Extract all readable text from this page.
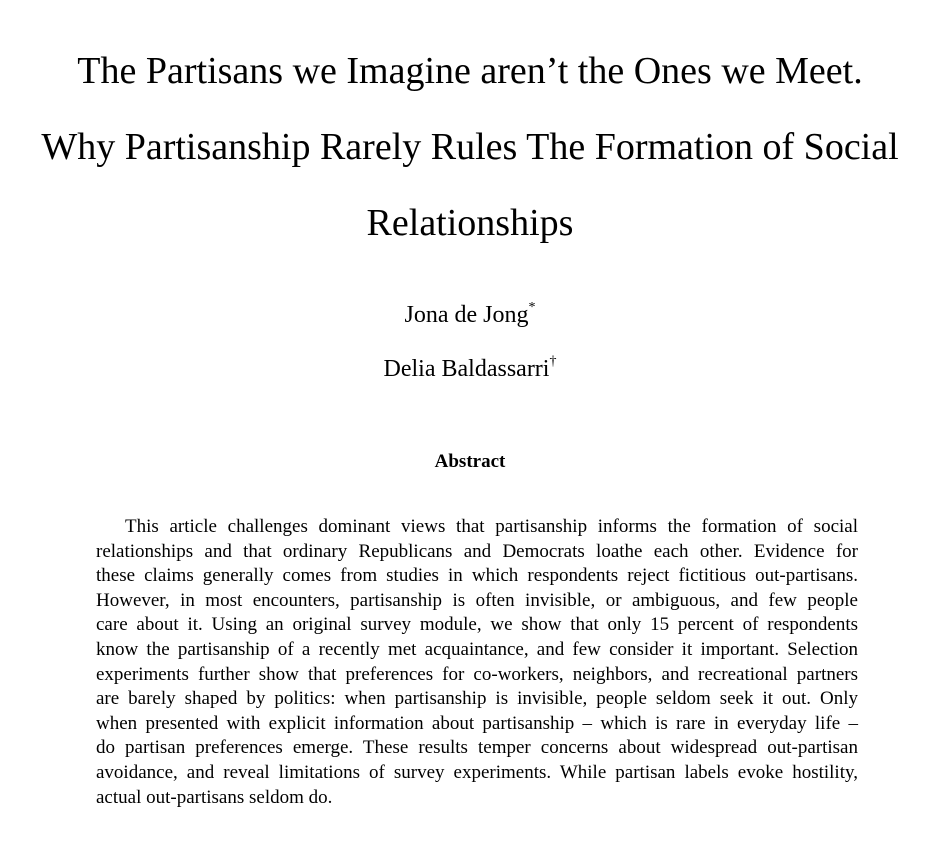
The Partisans we Imagine aren’t the Ones we Meet.
Why Partisanship Rarely Rules The Formation of Social
Relationships
Jona de Jong*
Delia Baldassarri†
Abstract
This article challenges dominant views that partisanship informs the formation of social
relationships and that ordinary Republicans and Democrats loathe each other. Evidence for
these claims generally comes from studies in which respondents reject fictitious out-partisans.
However, in most encounters, partisanship is often invisible, or ambiguous, and few people
care about it. Using an original survey module, we show that only 15 percent of respondents
know the partisanship of a recently met acquaintance, and few consider it important. Selection
experiments further show that preferences for co-workers, neighbors, and recreational partners
are barely shaped by politics: when partisanship is invisible, people seldom seek it out. Only
when presented with explicit information about partisanship – which is rare in everyday life –
do partisan preferences emerge. These results temper concerns about widespread out-partisan
avoidance, and reveal limitations of survey experiments. While partisan labels evoke hostility,
actual out-partisans seldom do.
